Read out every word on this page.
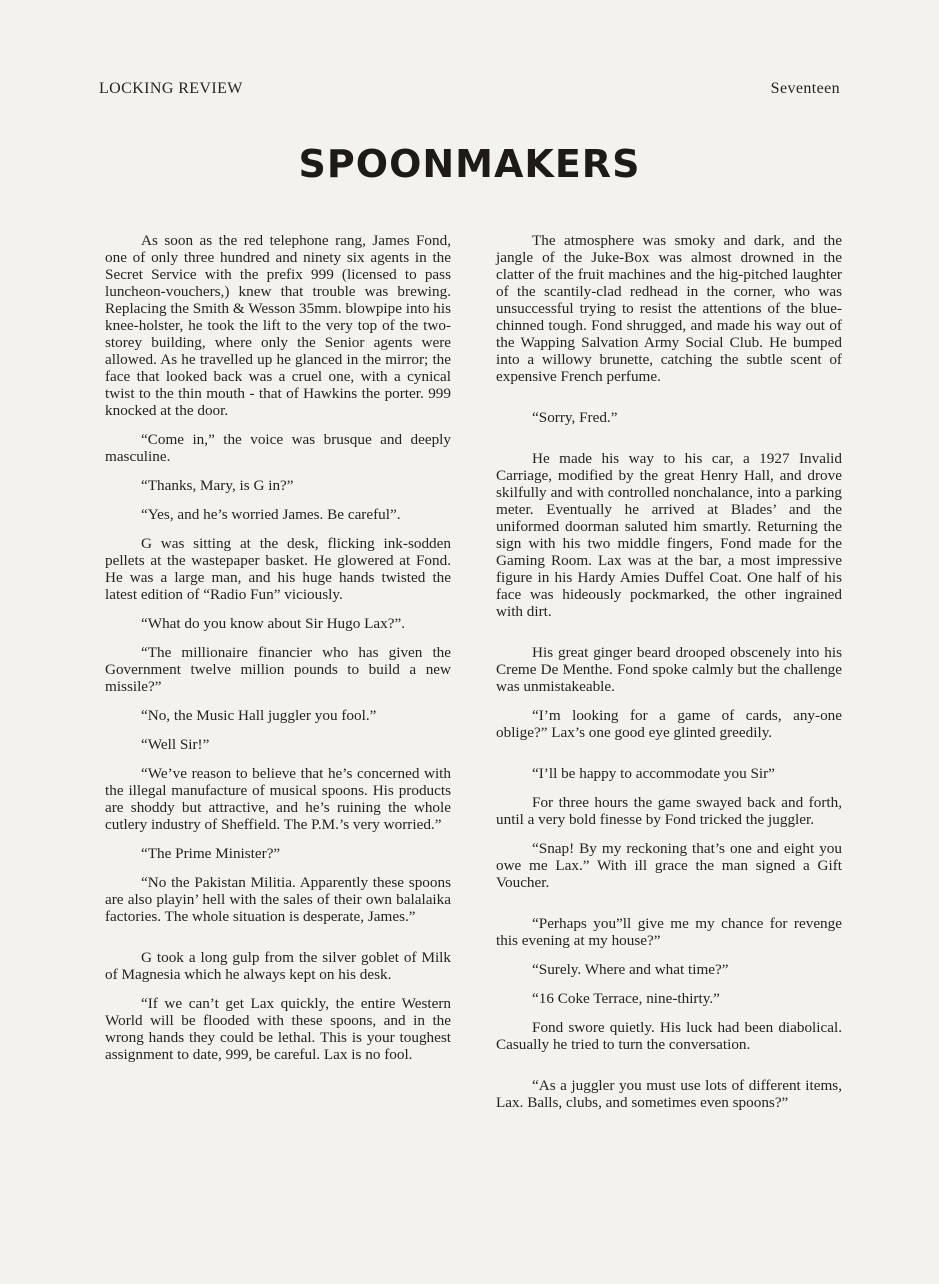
LOCKING REVIEW	Seventeen
SPOONMAKERS

As soon as the red telephone rang, James Fond, one of only three hundred and ninety six agents in the Secret Service with the prefix 999 (licensed to pass luncheon-vouchers,) knew that trouble was brewing. Replacing the Smith & Wesson 35mm. blowpipe into his knee-holster, he took the lift to the very top of the two-storey building, where only the Senior agents were allowed. As he travelled up he glanced in the mirror; the face that looked back was a cruel one, with a cynical twist to the thin mouth - that of Hawkins the porter. 999 knocked at the door.

“Come in,” the voice was brusque and deeply masculine.

“Thanks, Mary, is G in?”

“Yes, and he’s worried James. Be careful”.

G was sitting at the desk, flicking ink-sodden pellets at the wastepaper basket. He glowered at Fond. He was a large man, and his huge hands twisted the latest edition of “Radio Fun” viciously.

“What do you know about Sir Hugo Lax?”.

“The millionaire financier who has given the Government twelve million pounds to build a new missile?”

“No, the Music Hall juggler you fool.”

“Well Sir!”

“We’ve reason to believe that he’s concerned with the illegal manufacture of musical spoons. His products are shoddy but attractive, and he’s ruining the whole cutlery industry of Sheffield. The P.M.’s very worried.”

“The Prime Minister?”

“No the Pakistan Militia. Apparently these spoons are also playin’ hell with the sales of their own balalaika factories. The whole situation is desperate, James.”

G took a long gulp from the silver goblet of Milk of Magnesia which he always kept on his desk.

“If we can’t get Lax quickly, the entire Western World will be flooded with these spoons, and in the wrong hands they could be lethal. This is your toughest assignment to date, 999, be careful. Lax is no fool.

The atmosphere was smoky and dark, and the jangle of the Juke-Box was almost drowned in the clatter of the fruit machines and the hig-pitched laughter of the scantily-clad redhead in the corner, who was unsuccessful trying to resist the attentions of the blue-chinned tough. Fond shrugged, and made his way out of the Wapping Salvation Army Social Club. He bumped into a willowy brunette, catching the subtle scent of expensive French perfume.

“Sorry, Fred.”

He made his way to his car, a 1927 Invalid Carriage, modified by the great Henry Hall, and drove skilfully and with controlled nonchalance, into a parking meter. Eventually he arrived at Blades’ and the uniformed doorman saluted him smartly. Returning the sign with his two middle fingers, Fond made for the Gaming Room. Lax was at the bar, a most impressive figure in his Hardy Amies Duffel Coat. One half of his face was hideously pockmarked, the other ingrained with dirt.

His great ginger beard drooped obscenely into his Creme De Menthe. Fond spoke calmly but the challenge was unmistakeable.

“I’m looking for a game of cards, any-one oblige?” Lax’s one good eye glinted greedily.

“I’ll be happy to accommodate you Sir”

For three hours the game swayed back and forth, until a very bold finesse by Fond tricked the juggler.

“Snap! By my reckoning that’s one and eight you owe me Lax.” With ill grace the man signed a Gift Voucher.

“Perhaps you”ll give me my chance for revenge this evening at my house?”

“Surely. Where and what time?”

“16 Coke Terrace, nine-thirty.”

Fond swore quietly. His luck had been diabolical. Casually he tried to turn the conversation.

“As a juggler you must use lots of different items, Lax. Balls, clubs, and sometimes even spoons?”
